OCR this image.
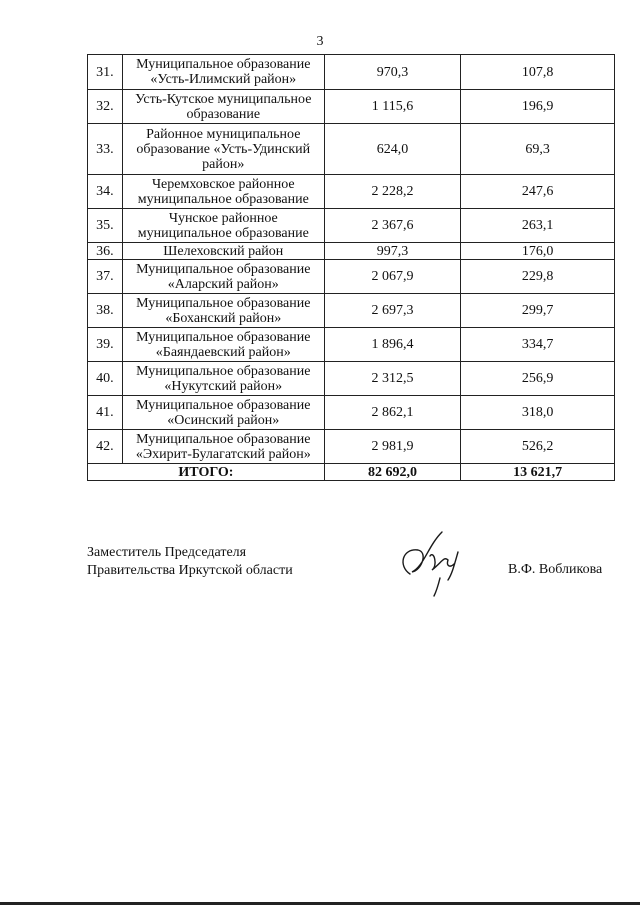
3
31.	Муниципальное образование «Усть-Илимский район»	970,3	107,8
32.	Усть-Кутское муниципальное образование	1 115,6	196,9
33.	Районное муниципальное образование «Усть-Удинский район»	624,0	69,3
34.	Черемховское районное муниципальное образование	2 228,2	247,6
35.	Чунское районное муниципальное образование	2 367,6	263,1
36.	Шелеховский район	997,3	176,0
37.	Муниципальное образование «Аларский район»	2 067,9	229,8
38.	Муниципальное образование «Боханский район»	2 697,3	299,7
39.	Муниципальное образование «Баяндаевский район»	1 896,4	334,7
40.	Муниципальное образование «Нукутский район»	2 312,5	256,9
41.	Муниципальное образование «Осинский район»	2 862,1	318,0
42.	Муниципальное образование «Эхирит-Булагатский район»	2 981,9	526,2
ИТОГО:		82 692,0	13 621,7
Заместитель Председателя
Правительства Иркутской области	В.Ф. Вобликова
